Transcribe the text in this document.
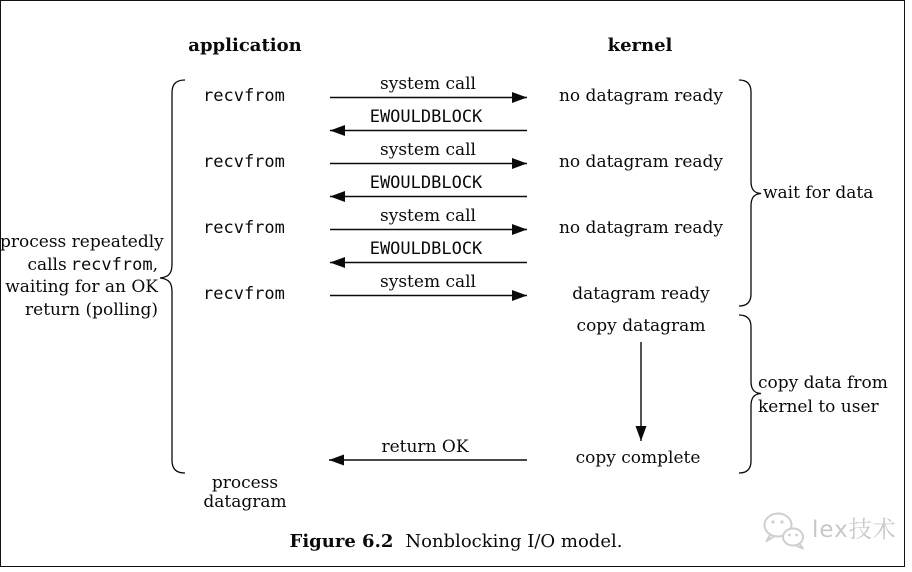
application	kernel
recvfrom
recvfrom
recvfrom
recvfrom
system call
system call
system call
system call
EWOULDBLOCK
EWOULDBLOCK
EWOULDBLOCK
no datagram ready
no datagram ready
no datagram ready
datagram ready
copy datagram
copy complete
return OK
process
datagram
process repeatedly
calls recvfrom,
waiting for an OK
return (polling)
wait for data
copy data from
kernel to user
Figure 6.2 Nonblocking I/O model.	lex技术
